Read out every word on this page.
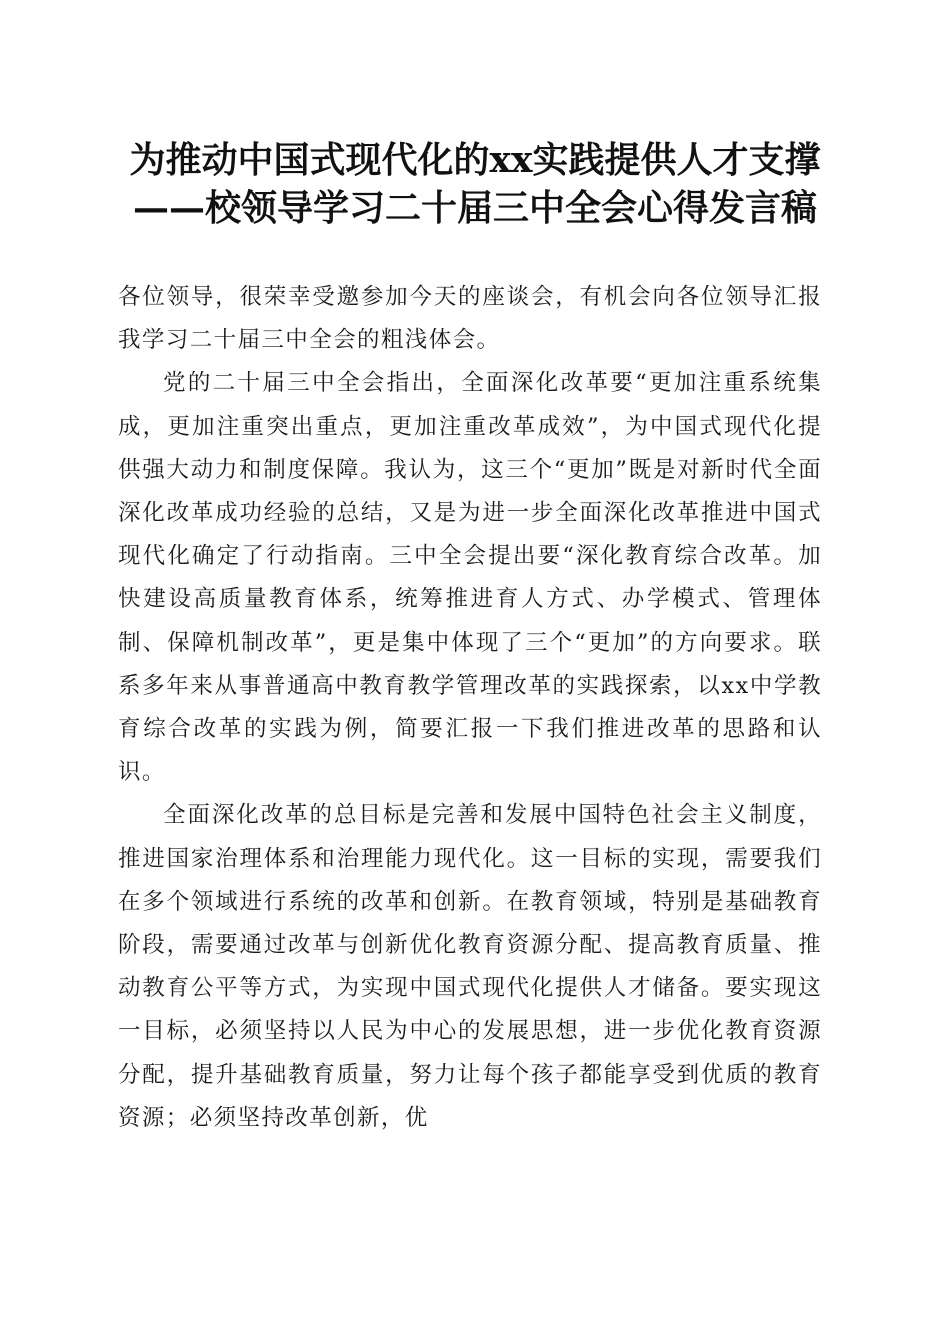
为推动中国式现代化的xx实践提供人才支撑
——校领导学习二十届三中全会心得发言稿

各位领导，很荣幸受邀参加今天的座谈会，有机会向各位领导汇报我学习二十届三中全会的粗浅体会。

党的二十届三中全会指出，全面深化改革要“更加注重系统集成，更加注重突出重点，更加注重改革成效”，为中国式现代化提供强大动力和制度保障。我认为，这三个“更加”既是对新时代全面深化改革成功经验的总结，又是为进一步全面深化改革推进中国式现代化确定了行动指南。三中全会提出要“深化教育综合改革。加快建设高质量教育体系，统筹推进育人方式、办学模式、管理体制、保障机制改革”，更是集中体现了三个“更加”的方向要求。联系多年来从事普通高中教育教学管理改革的实践探索，以xx中学教育综合改革的实践为例，简要汇报一下我们推进改革的思路和认识。

全面深化改革的总目标是完善和发展中国特色社会主义制度，推进国家治理体系和治理能力现代化。这一目标的实现，需要我们在多个领域进行系统的改革和创新。在教育领域，特别是基础教育阶段，需要通过改革与创新优化教育资源分配、提高教育质量、推动教育公平等方式，为实现中国式现代化提供人才储备。要实现这一目标，必须坚持以人民为中心的发展思想，进一步优化教育资源分配，提升基础教育质量，努力让每个孩子都能享受到优质的教育资源；必须坚持改革创新，优
